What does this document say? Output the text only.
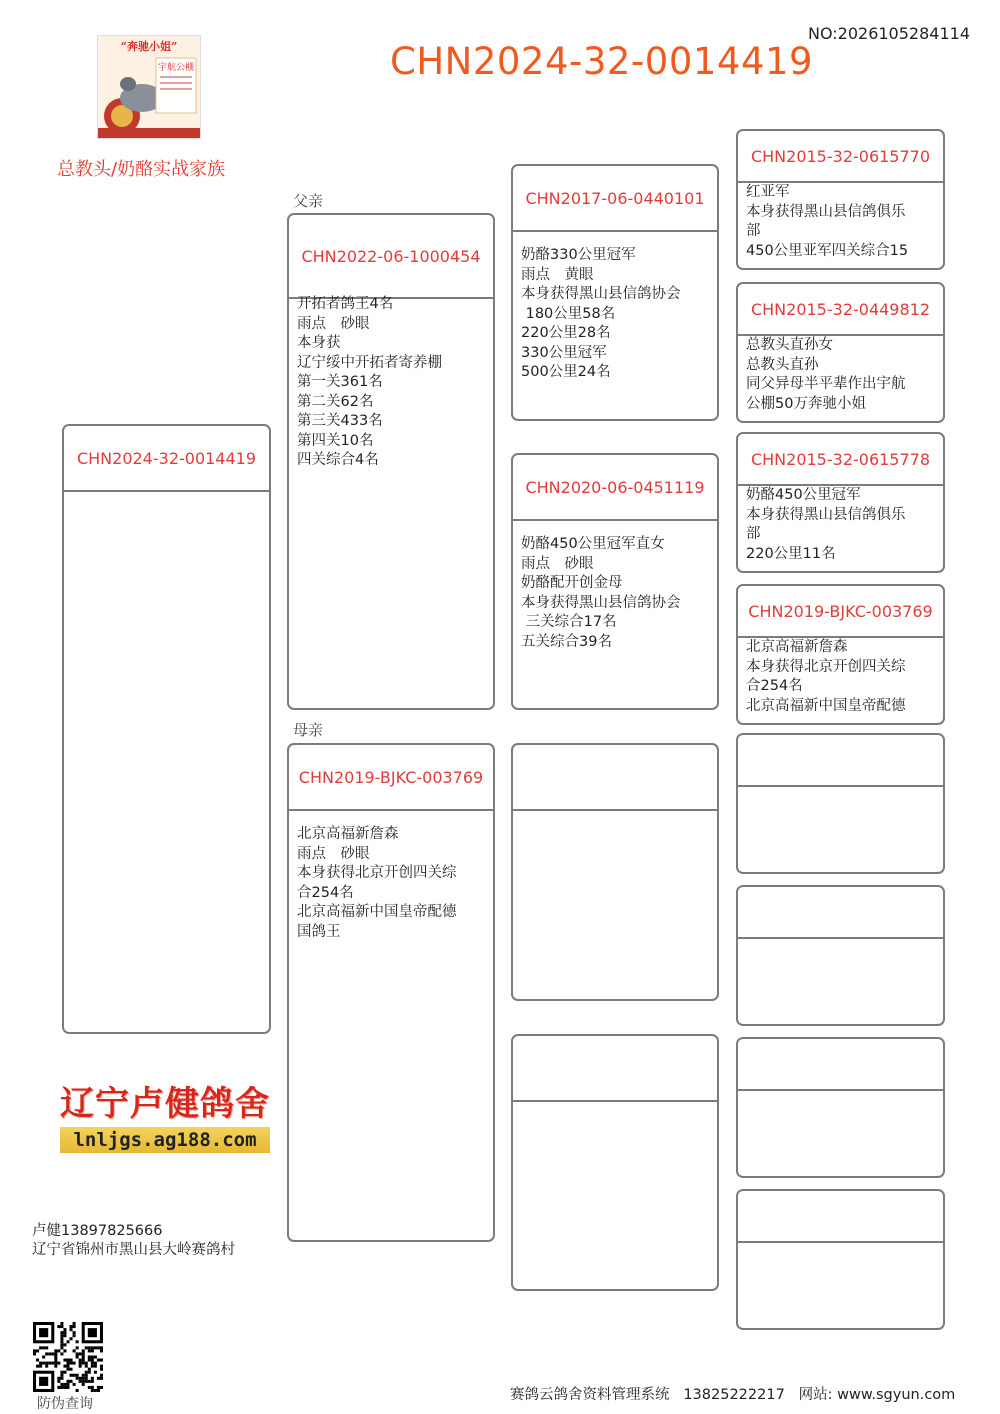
NO:2026105284114
CHN2024-32-0014419
“奔驰小姐”
宇航公棚
总教头/奶酪实战家族
父亲
母亲
CHN2024-32-0014419
CHN2022-06-1000454
开拓者鸽王4名
雨点　砂眼
本身获
辽宁绥中开拓者寄养棚
第一关361名
第二关62名
第三关433名
第四关10名
四关综合4名
CHN2019-BJKC-003769
北京高福新詹森
雨点　砂眼
本身获得北京开创四关综
合254名
北京高福新中国皇帝配德
国鸽王
CHN2017-06-0440101
奶酪330公里冠军
雨点　黄眼
本身获得黑山县信鸽协会
180公里58名
220公里28名
330公里冠军
500公里24名
CHN2020-06-0451119
奶酪450公里冠军直女
雨点　砂眼
奶酪配开创金母
本身获得黑山县信鸽协会
三关综合17名
五关综合39名
CHN2015-32-0615770
红亚军
本身获得黑山县信鸽俱乐
部
450公里亚军四关综合15
CHN2015-32-0449812
总教头直孙女
总教头直孙
同父异母半平辈作出宇航
公棚50万奔驰小姐
CHN2015-32-0615778
奶酪450公里冠军
本身获得黑山县信鸽俱乐
部
220公里11名
CHN2019-BJKC-003769
北京高福新詹森
本身获得北京开创四关综
合254名
北京高福新中国皇帝配德
辽宁卢健鸽舍
lnljgs.ag188.com
卢健13897825666
辽宁省锦州市黑山县大岭赛鸽村
防伪查询
赛鸽云鸽舍资料管理系统 13825222217 网站: www.sgyun.com
